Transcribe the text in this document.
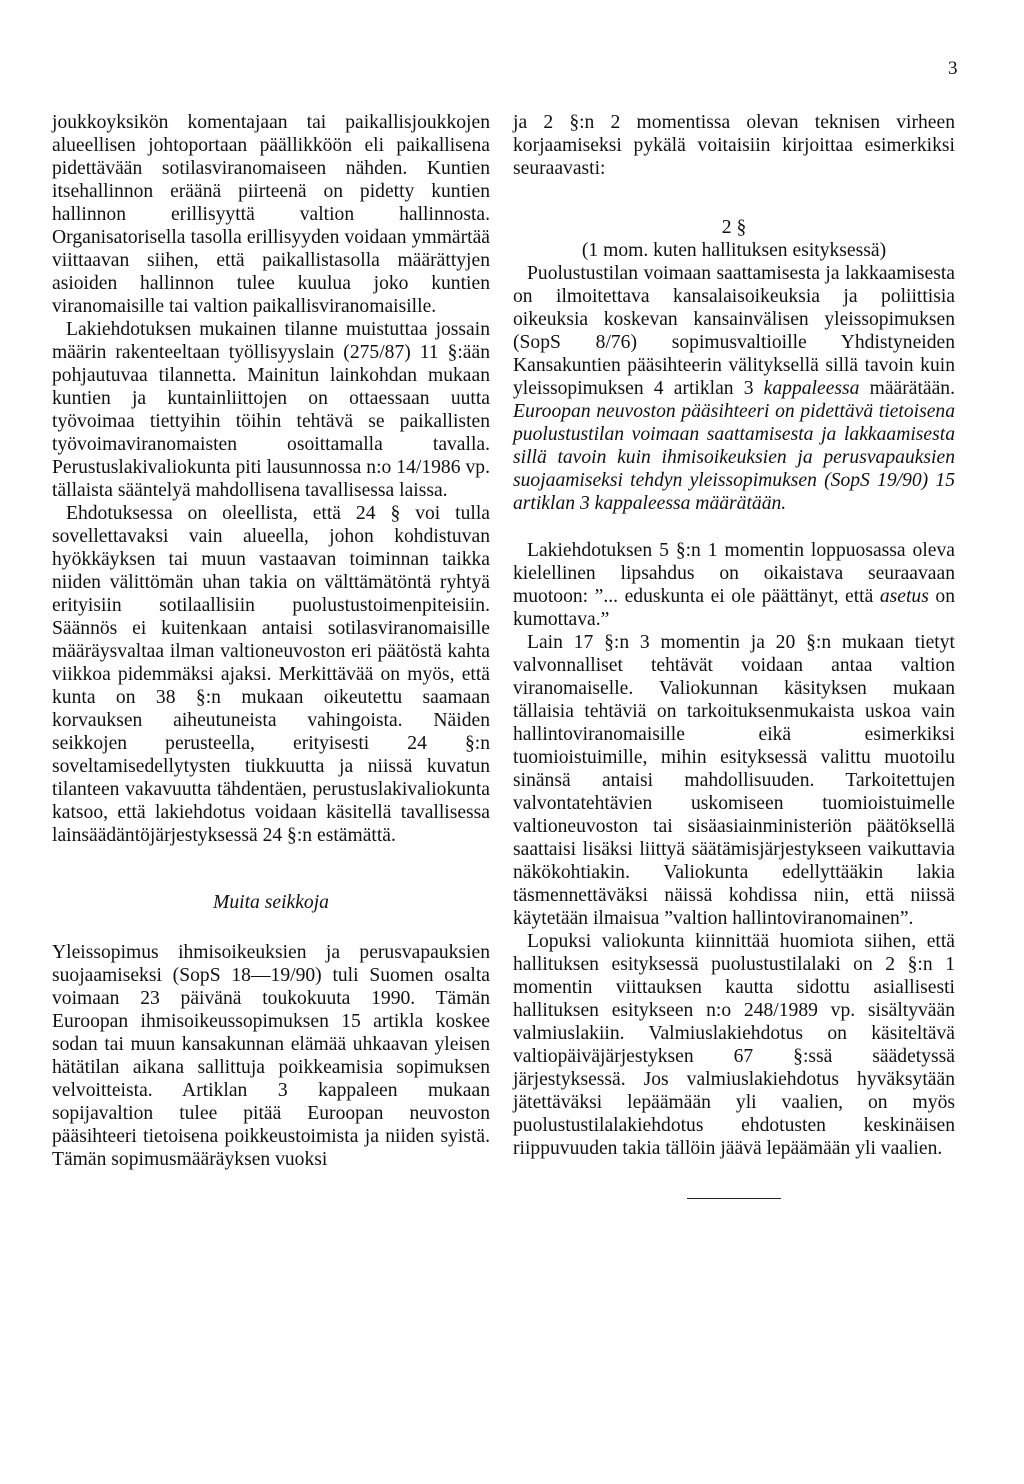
3

joukkoyksikön komentajaan tai paikallisjoukkojen alueellisen johtoportaan päällikköön eli paikallisena pidettävään sotilasviranomaiseen nähden. Kuntien itsehallinnon eräänä piirteenä on pidetty kuntien hallinnon erillisyyttä valtion hallinnosta. Organisatorisella tasolla erillisyyden voidaan ymmärtää viittaavan siihen, että paikallistasolla määrättyjen asioiden hallinnon tulee kuulua joko kuntien viranomaisille tai valtion paikallisviranomaisille.

Lakiehdotuksen mukainen tilanne muistuttaa jossain määrin rakenteeltaan työllisyyslain (275/87) 11 §:ään pohjautuvaa tilannetta. Mainitun lainkohdan mukaan kuntien ja kuntainliittojen on ottaessaan uutta työvoimaa tiettyihin töihin tehtävä se paikallisten työvoimaviranomaisten osoittamalla tavalla. Perustuslakivaliokunta piti lausunnossa n:o 14/1986 vp. tällaista sääntelyä mahdollisena tavallisessa laissa.

Ehdotuksessa on oleellista, että 24 § voi tulla sovellettavaksi vain alueella, johon kohdistuvan hyökkäyksen tai muun vastaavan toiminnan taikka niiden välittömän uhan takia on välttämätöntä ryhtyä erityisiin sotilaallisiin puolustustoimenpiteisiin. Säännös ei kuitenkaan antaisi sotilasviranomaisille määräysvaltaa ilman valtioneuvoston eri päätöstä kahta viikkoa pidemmäksi ajaksi. Merkittävää on myös, että kunta on 38 §:n mukaan oikeutettu saamaan korvauksen aiheutuneista vahingoista. Näiden seikkojen perusteella, erityisesti 24 §:n soveltamisedellytysten tiukkuutta ja niissä kuvatun tilanteen vakavuutta tähdentäen, perustuslakivaliokunta katsoo, että lakiehdotus voidaan käsitellä tavallisessa lainsäädäntöjärjestyksessä 24 §:n estämättä.

Muita seikkoja

Yleissopimus ihmisoikeuksien ja perusvapauksien suojaamiseksi (SopS 18—19/90) tuli Suomen osalta voimaan 23 päivänä toukokuuta 1990. Tämän Euroopan ihmisoikeussopimuksen 15 artikla koskee sodan tai muun kansakunnan elämää uhkaavan yleisen hätätilan aikana sallittuja poikkeamisia sopimuksen velvoitteista. Artiklan 3 kappaleen mukaan sopijavaltion tulee pitää Euroopan neuvoston pääsihteeri tietoisena poikkeustoimista ja niiden syistä. Tämän sopimusmääräyksen vuoksi

ja 2 §:n 2 momentissa olevan teknisen virheen korjaamiseksi pykälä voitaisiin kirjoittaa esimerkiksi seuraavasti:

2 §

(1 mom. kuten hallituksen esityksessä)

Puolustustilan voimaan saattamisesta ja lakkaamisesta on ilmoitettava kansalaisoikeuksia ja poliittisia oikeuksia koskevan kansainvälisen yleissopimuksen (SopS 8/76) sopimusvaltioille Yhdistyneiden Kansakuntien pääsihteerin välityksellä sillä tavoin kuin yleissopimuksen 4 artiklan 3 kappaleessa määrätään. Euroopan neuvoston pääsihteeri on pidettävä tietoisena puolustustilan voimaan saattamisesta ja lakkaamisesta sillä tavoin kuin ihmisoikeuksien ja perusvapauksien suojaamiseksi tehdyn yleissopimuksen (SopS 19/90) 15 artiklan 3 kappaleessa määrätään.

Lakiehdotuksen 5 §:n 1 momentin loppuosassa oleva kielellinen lipsahdus on oikaistava seuraavaan muotoon: ”... eduskunta ei ole päättänyt, että asetus on kumottava.”

Lain 17 §:n 3 momentin ja 20 §:n mukaan tietyt valvonnalliset tehtävät voidaan antaa valtion viranomaiselle. Valiokunnan käsityksen mukaan tällaisia tehtäviä on tarkoituksenmukaista uskoa vain hallintoviranomaisille eikä esimerkiksi tuomioistuimille, mihin esityksessä valittu muotoilu sinänsä antaisi mahdollisuuden. Tarkoitettujen valvontatehtävien uskomiseen tuomioistuimelle valtioneuvoston tai sisäasiainministeriön päätöksellä saattaisi lisäksi liittyä säätämisjärjestykseen vaikuttavia näkökohtiakin. Valiokunta edellyttääkin lakia täsmennettäväksi näissä kohdissa niin, että niissä käytetään ilmaisua ”valtion hallintoviranomainen”.

Lopuksi valiokunta kiinnittää huomiota siihen, että hallituksen esityksessä puolustustilalaki on 2 §:n 1 momentin viittauksen kautta sidottu asiallisesti hallituksen esitykseen n:o 248/1989 vp. sisältyvään valmiuslakiin. Valmiuslakiehdotus on käsiteltävä valtiopäiväjärjestyksen 67 §:ssä säädetyssä järjestyksessä. Jos valmiuslakiehdotus hyväksytään jätettäväksi lepäämään yli vaalien, on myös puolustustilalakiehdotus ehdotusten keskinäisen riippuvuuden takia tällöin jäävä lepäämään yli vaalien.
